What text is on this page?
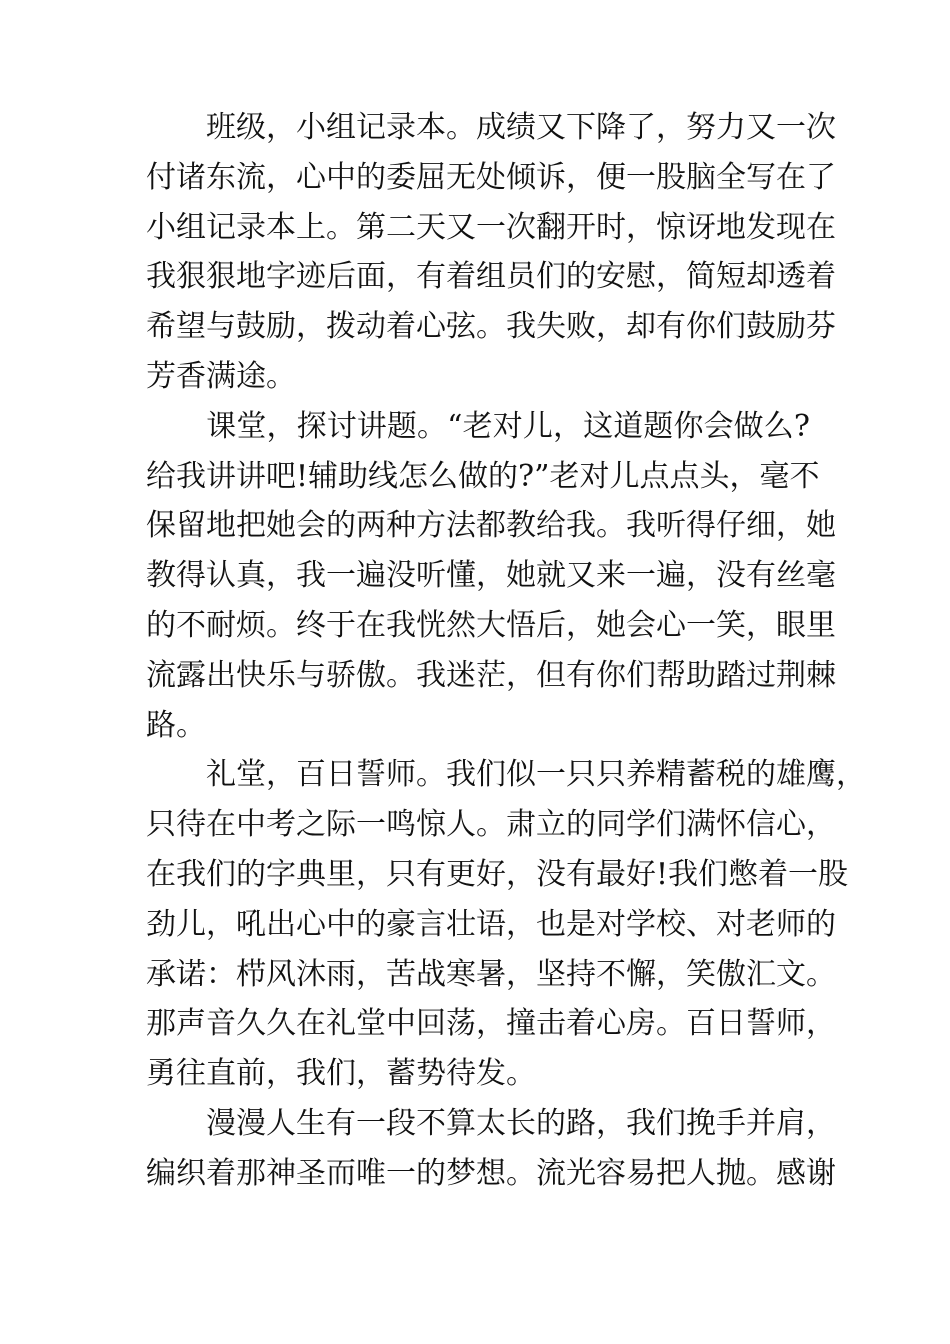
　　班级，小组记录本。成绩又下降了，努力又一次
付诸东流，心中的委屈无处倾诉，便一股脑全写在了
小组记录本上。第二天又一次翻开时，惊讶地发现在
我狠狠地字迹后面，有着组员们的安慰，简短却透着
希望与鼓励，拨动着心弦。我失败，却有你们鼓励芬
芳香满途。

　　课堂，探讨讲题。“老对儿，这道题你会做么?
给我讲讲吧!辅助线怎么做的?”老对儿点点头，毫不
保留地把她会的两种方法都教给我。我听得仔细，她
教得认真，我一遍没听懂，她就又来一遍，没有丝毫
的不耐烦。终于在我恍然大悟后，她会心一笑，眼里
流露出快乐与骄傲。我迷茫，但有你们帮助踏过荆棘
路。

　　礼堂，百日誓师。我们似一只只养精蓄税的雄鹰，
只待在中考之际一鸣惊人。肃立的同学们满怀信心，
在我们的字典里，只有更好，没有最好!我们憋着一股
劲儿，吼出心中的豪言壮语，也是对学校、对老师的
承诺：栉风沐雨，苦战寒暑，坚持不懈，笑傲汇文。
那声音久久在礼堂中回荡，撞击着心房。百日誓师，
勇往直前，我们，蓄势待发。

　　漫漫人生有一段不算太长的路，我们挽手并肩，
编织着那神圣而唯一的梦想。流光容易把人抛。感谢
